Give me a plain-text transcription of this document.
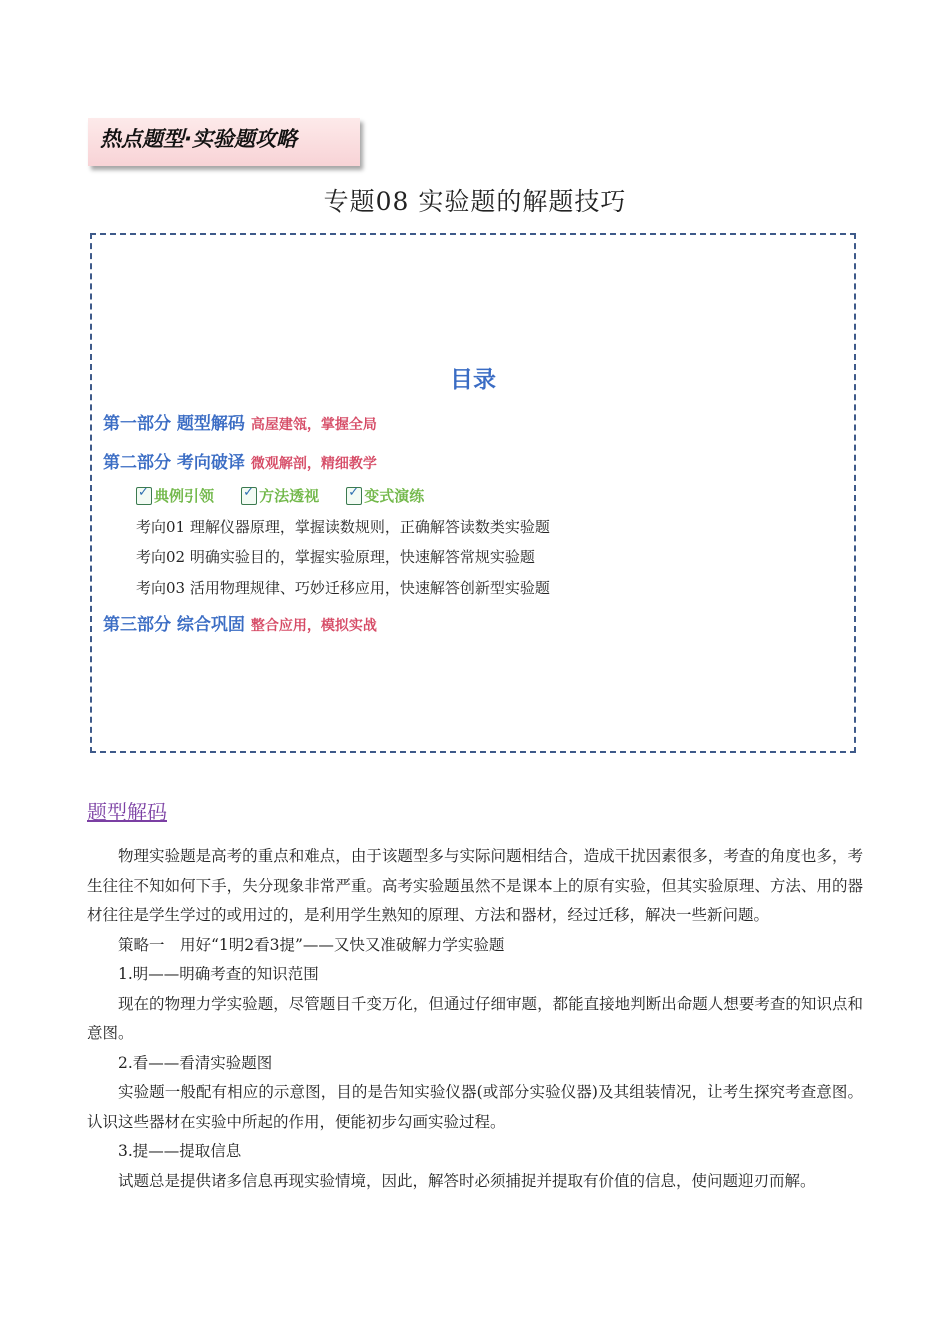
热点题型·实验题攻略
专题08 实验题的解题技巧
目录
第一部分 题型解码 高屋建瓴，掌握全局
第二部分 考向破译 微观解剖，精细教学
✓
典例引领
✓	方法透视
✓	变式演练
考向01 理解仪器原理，掌握读数规则，正确解答读数类实验题
考向02 明确实验目的，掌握实验原理，快速解答常规实验题
考向03 活用物理规律、巧妙迁移应用，快速解答创新型实验题
第三部分 综合巩固 整合应用，模拟实战
题型解码

物理实验题是高考的重点和难点，由于该题型多与实际问题相结合，造成干扰因素很多，考查的角度也多，考生往往不知如何下手，失分现象非常严重。高考实验题虽然不是课本上的原有实验，但其实验原理、方法、用的器材往往是学生学过的或用过的，是利用学生熟知的原理、方法和器材，经过迁移，解决一些新问题。

策略一　用好“1明2看3提”——又快又准破解力学实验题

1.明——明确考查的知识范围

现在的物理力学实验题，尽管题目千变万化，但通过仔细审题，都能直接地判断出命题人想要考查的知识点和意图。

2.看——看清实验题图

实验题一般配有相应的示意图，目的是告知实验仪器(或部分实验仪器)及其组装情况，让考生探究考查意图。认识这些器材在实验中所起的作用，便能初步勾画实验过程。

3.提——提取信息

试题总是提供诸多信息再现实验情境，因此，解答时必须捕捉并提取有价值的信息，使问题迎刃而解。
